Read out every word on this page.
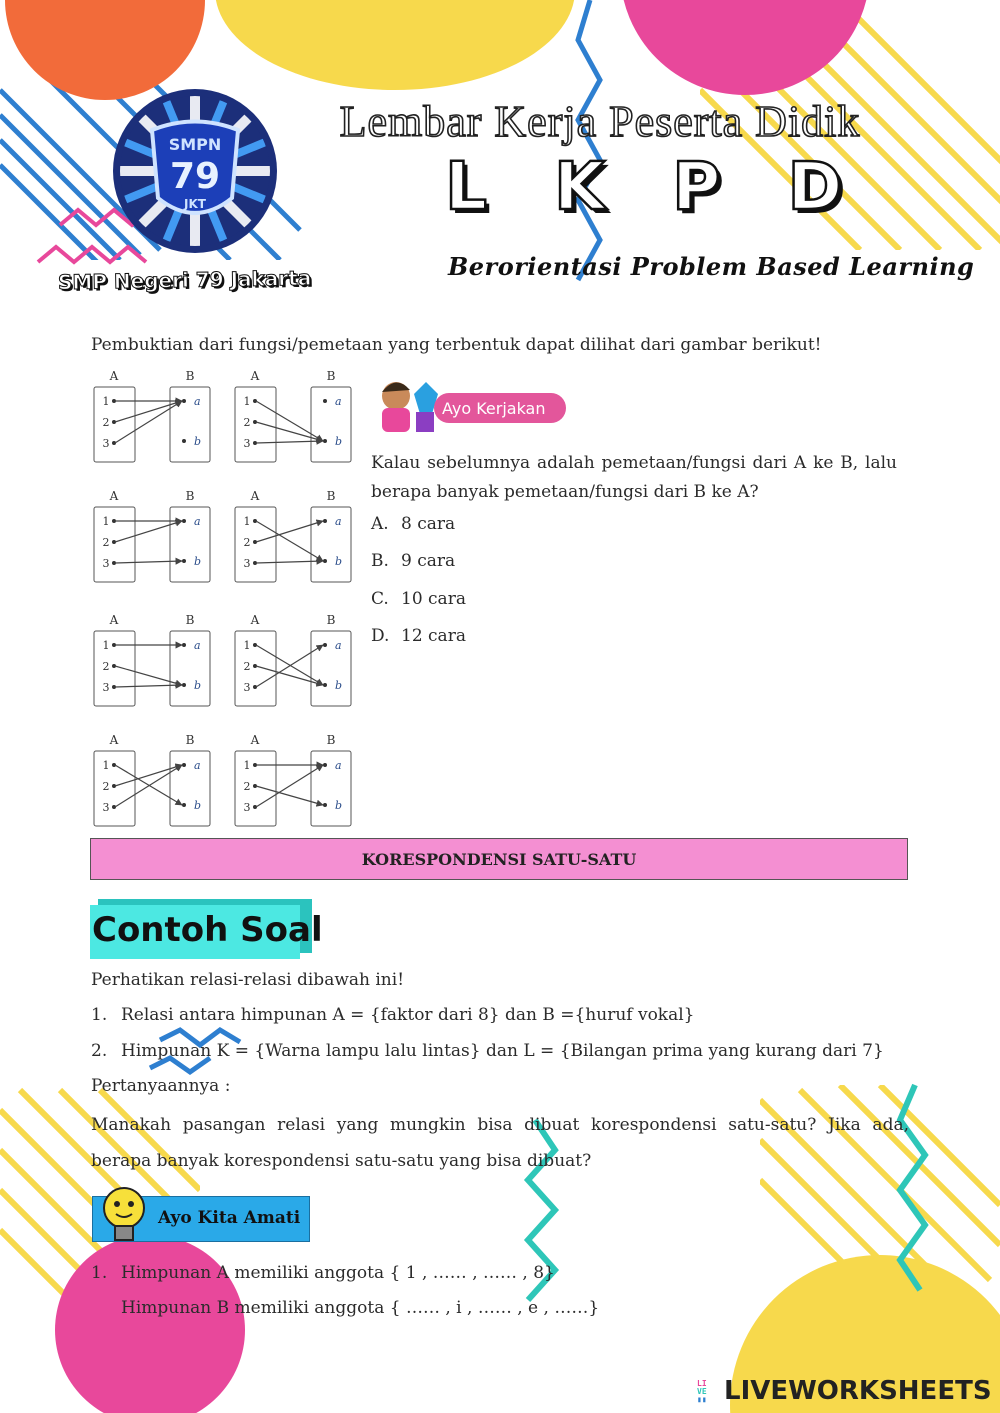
SMPN
79
JKT
Lembar Kerja Peserta Didik
L K P D
Berorientasi Problem Based Learning
SMP Negeri 79 Jakarta
Pembuktian dari fungsi/pemetaan yang terbentuk dapat dilihat dari gambar berikut!
A	B
1
2
3
a
b
A	B
1
2
3
a
b
A	B
1
2
3
a
b
A	B
1
2
3
a
b
A	B
1
2
3
a
b
A	B
1
2
3
a
b
A	B
1
2
3
a
b
A	B
1
2
3
a
b
Ayo Kerjakan
Kalau sebelumnya adalah pemetaan/fungsi dari A ke B, lalu berapa banyak pemetaan/fungsi dari B ke A?
A. 8 cara
B. 9 cara
C. 10 cara
D. 12 cara
KORESPONDENSI SATU-SATU
Contoh Soal
Perhatikan relasi-relasi dibawah ini!
1. Relasi antara himpunan A = {faktor dari 8} dan B ={huruf vokal}
2. Himpunan K = {Warna lampu lalu lintas} dan L = {Bilangan prima yang kurang dari 7}
Pertanyaannya :
Manakah pasangan relasi yang mungkin bisa dibuat korespondensi satu-satu? Jika ada, berapa banyak korespondensi satu-satu yang bisa dibuat?
Ayo Kita Amati
1. Himpunan A memiliki anggota { 1 , …… , …… , 8}
Himpunan B memiliki anggota { …… , i , …… , e , ……}
LI
VE
▮▮ LIVEWORKSHEETS
